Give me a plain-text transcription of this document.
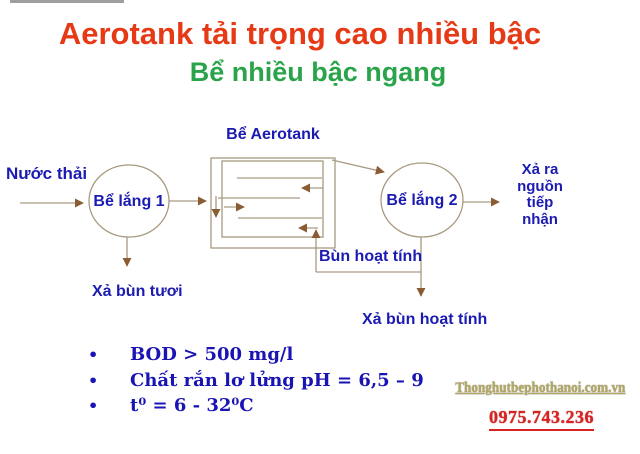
Aerotank tải trọng cao nhiều bậc
Bể nhiều bậc ngang
Nước thải
Bể Aerotank
Bể lắng 1	Bể lắng 2
Xả ra
nguồn
tiếp
nhận
Xả bùn tươi
Bùn hoạt tính
Xả bùn hoạt tính
• BOD > 500 mg/l
• Chất rắn lơ lửng pH = 6,5 – 9
• t⁰ = 6 - 32⁰C
Thonghutbephothanoi.com.vn
0975.743.236
